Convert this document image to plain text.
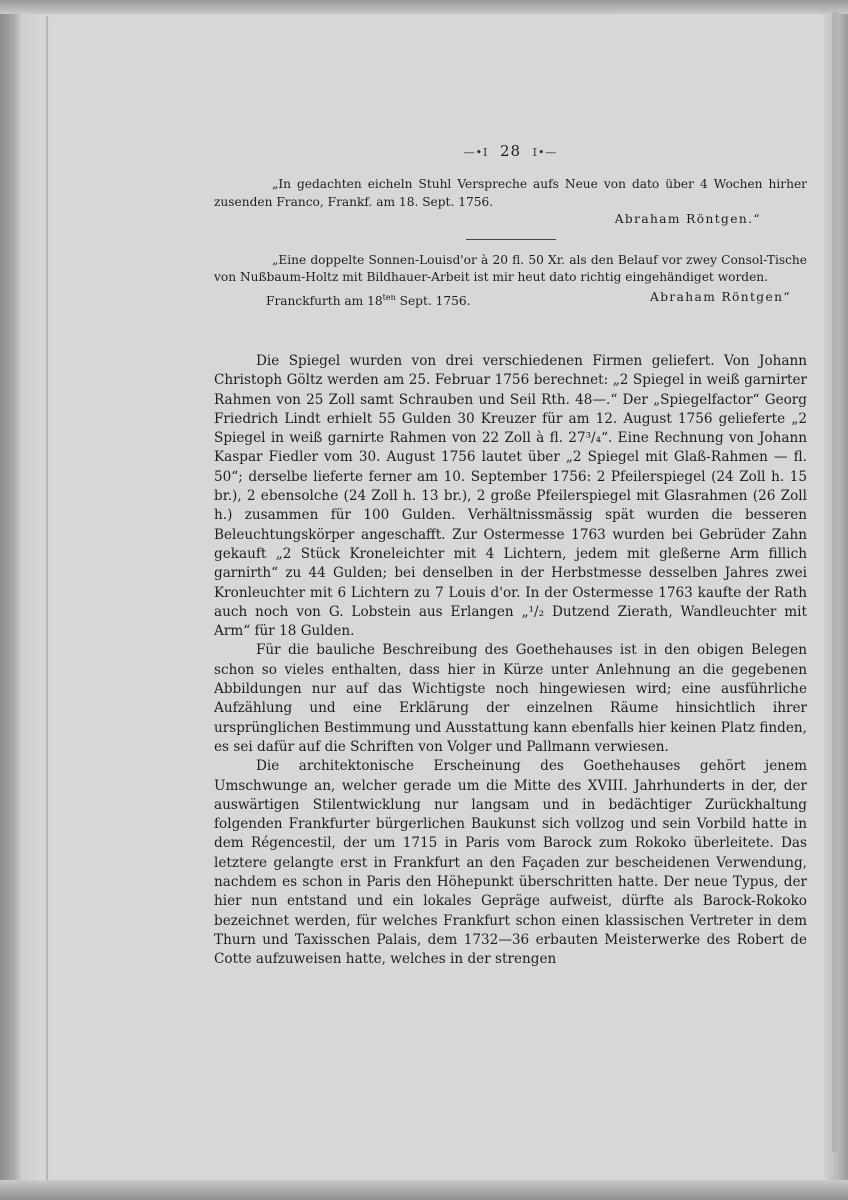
—•I 28 I•—

„In gedachten eicheln Stuhl Verspreche aufs Neue von dato über 4 Wochen hirher zusenden Franco, Frankf. am 18. Sept. 1756.

Abraham Röntgen.“

„Eine doppelte Sonnen-Louisd'or à 20 fl. 50 Xr. als den Belauf vor zwey Consol-Tische von Nußbaum-Holtz mit Bildhauer-Arbeit ist mir heut dato richtig eingehändiget worden.

Franckfurth am $18^{ten}$ Sept. 1756.	Abraham Röntgen“

Die Spiegel wurden von drei verschiedenen Firmen geliefert. Von Johann Christoph Göltz werden am 25. Februar 1756 berechnet: „2 Spiegel in weiß garnirter Rahmen von 25 Zoll samt Schrauben und Seil Rth. 48—.“ Der „Spiegelfactor“ Georg Friedrich Lindt erhielt 55 Gulden 30 Kreuzer für am 12. August 1756 gelieferte „2 Spiegel in weiß garnirte Rahmen von 22 Zoll à fl. 27³/₄“. Eine Rechnung von Johann Kaspar Fiedler vom 30. August 1756 lautet über „2 Spiegel mit Glaß-Rahmen — fl. 50“; derselbe lieferte ferner am 10. September 1756: 2 Pfeilerspiegel (24 Zoll h. 15 br.), 2 ebensolche (24 Zoll h. 13 br.), 2 große Pfeilerspiegel mit Glasrahmen (26 Zoll h.) zusammen für 100 Gulden. Verhältnissmässig spät wurden die besseren Beleuchtungskörper angeschafft. Zur Ostermesse 1763 wurden bei Gebrüder Zahn gekauft „2 Stück Kroneleichter mit 4 Lichtern, jedem mit gleßerne Arm fillich garnirth“ zu 44 Gulden; bei denselben in der Herbstmesse desselben Jahres zwei Kronleuchter mit 6 Lichtern zu 7 Louis d'or. In der Ostermesse 1763 kaufte der Rath auch noch von G. Lobstein aus Erlangen „¹/₂ Dutzend Zierath, Wandleuchter mit Arm“ für 18 Gulden.

Für die bauliche Beschreibung des Goethehauses ist in den obigen Belegen schon so vieles enthalten, dass hier in Kürze unter Anlehnung an die gegebenen Abbildungen nur auf das Wichtigste noch hingewiesen wird; eine ausführliche Aufzählung und eine Erklärung der einzelnen Räume hinsichtlich ihrer ursprünglichen Bestimmung und Ausstattung kann ebenfalls hier keinen Platz finden, es sei dafür auf die Schriften von Volger und Pallmann verwiesen.

Die architektonische Erscheinung des Goethehauses gehört jenem Umschwunge an, welcher gerade um die Mitte des XVIII. Jahrhunderts in der, der auswärtigen Stilentwicklung nur langsam und in bedächtiger Zurückhaltung folgenden Frankfurter bürgerlichen Baukunst sich vollzog und sein Vorbild hatte in dem Régencestil, der um 1715 in Paris vom Barock zum Rokoko überleitete. Das letztere gelangte erst in Frankfurt an den Façaden zur bescheidenen Verwendung, nachdem es schon in Paris den Höhepunkt überschritten hatte. Der neue Typus, der hier nun entstand und ein lokales Gepräge aufweist, dürfte als Barock-Rokoko bezeichnet werden, für welches Frankfurt schon einen klassischen Vertreter in dem Thurn und Taxisschen Palais, dem 1732—36 erbauten Meisterwerke des Robert de Cotte aufzuweisen hatte, welches in der strengen
